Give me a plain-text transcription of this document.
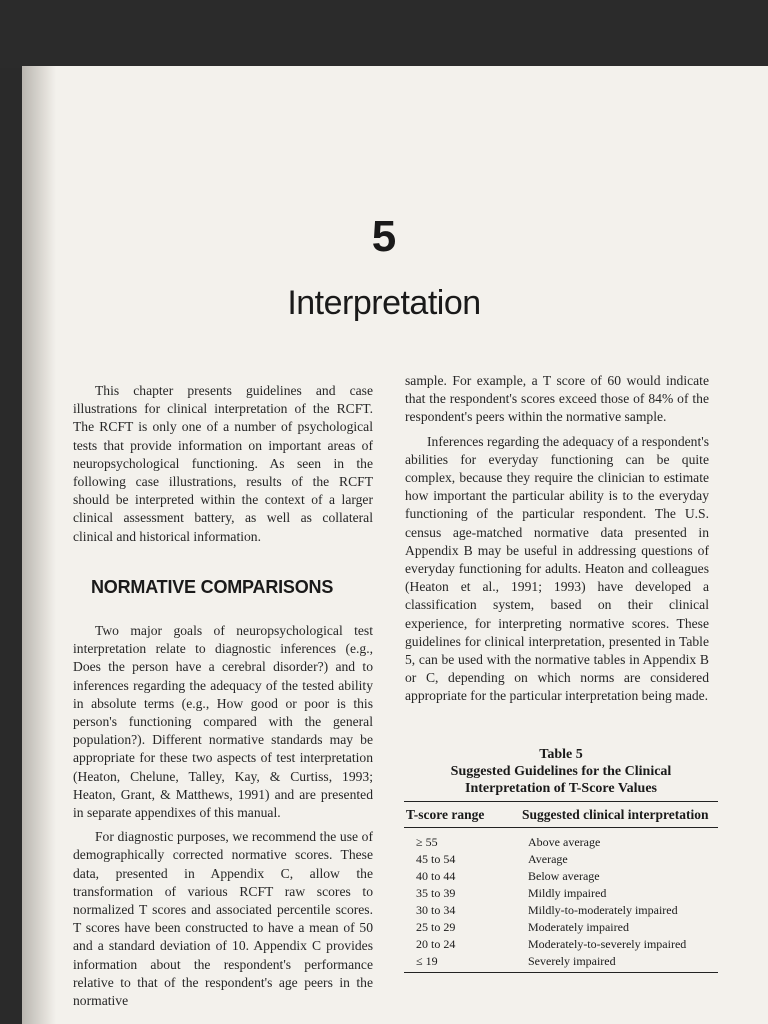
5
Interpretation

This chapter presents guidelines and case illustrations for clinical interpretation of the RCFT. The RCFT is only one of a number of psychological tests that provide information on important areas of neuropsychological functioning. As seen in the following case illustrations, results of the RCFT should be interpreted within the context of a larger clinical assessment battery, as well as collateral clinical and historical information.

NORMATIVE COMPARISONS

Two major goals of neuropsychological test interpretation relate to diagnostic inferences (e.g., Does the person have a cerebral disorder?) and to inferences regarding the adequacy of the tested ability in absolute terms (e.g., How good or poor is this person's functioning compared with the general population?). Different normative standards may be appropriate for these two aspects of test interpretation (Heaton, Chelune, Talley, Kay, & Curtiss, 1993; Heaton, Grant, & Matthews, 1991) and are presented in separate appendixes of this manual.

For diagnostic purposes, we recommend the use of demographically corrected normative scores. These data, presented in Appendix C, allow the transformation of various RCFT raw scores to normalized T scores and associated percentile scores. T scores have been constructed to have a mean of 50 and a standard deviation of 10. Appendix C provides information about the respondent's performance relative to that of the respondent's age peers in the normative

sample. For example, a T score of 60 would indicate that the respondent's scores exceed those of 84% of the respondent's peers within the normative sample.

Inferences regarding the adequacy of a respondent's abilities for everyday functioning can be quite complex, because they require the clinician to estimate how important the particular ability is to the everyday functioning of the particular respondent. The U.S. census age-matched normative data presented in Appendix B may be useful in addressing questions of everyday functioning for adults. Heaton and colleagues (Heaton et al., 1991; 1993) have developed a classification system, based on their clinical experience, for interpreting normative scores. These guidelines for clinical interpretation, presented in Table 5, can be used with the normative tables in Appendix B or C, depending on which norms are considered appropriate for the particular interpretation being made.

Table 5
Suggested Guidelines for the Clinical
Interpretation of T-Score Values
T-score range	Suggested clinical interpretation
≥ 55	Above average
45 to 54	Average
40 to 44	Below average
35 to 39	Mildly impaired
30 to 34	Mildly-to-moderately impaired
25 to 29	Moderately impaired
20 to 24	Moderately-to-severely impaired
≤ 19	Severely impaired
